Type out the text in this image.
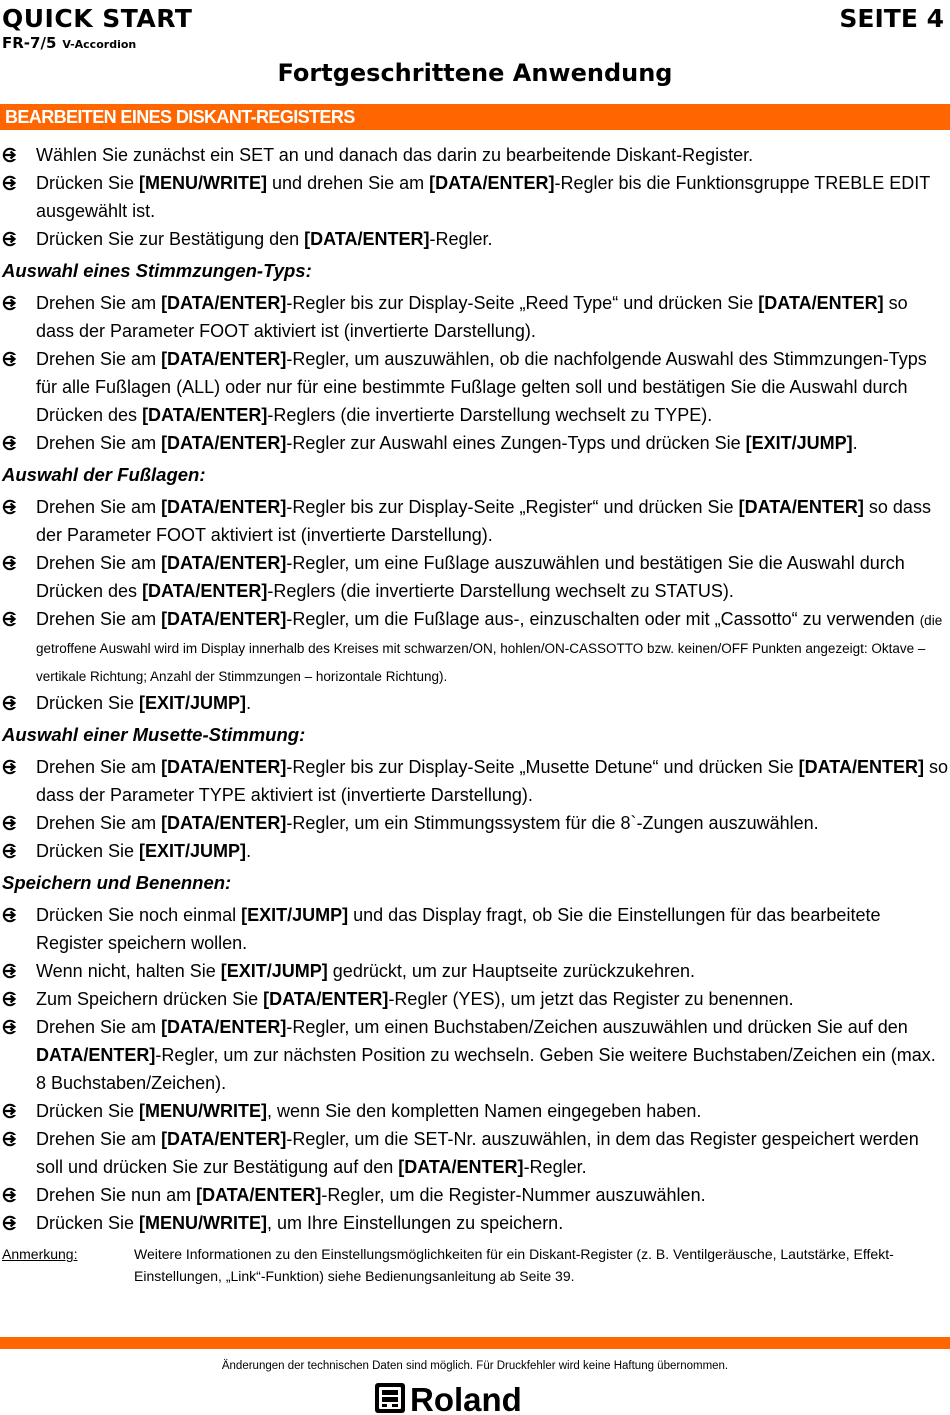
QUICK START
FR-7/5 V-Accordion
SEITE 4
Fortgeschrittene Anwendung
BEARBEITEN EINES DISKANT-REGISTERS
Wählen Sie zunächst ein SET an und danach das darin zu bearbeitende Diskant-Register.
Drücken Sie [MENU/WRITE] und drehen Sie am [DATA/ENTER]-Regler bis die Funktionsgruppe TREBLE EDIT ausgewählt ist.
Drücken Sie zur Bestätigung den [DATA/ENTER]-Regler.
Auswahl eines Stimmzungen-Typs:
Drehen Sie am [DATA/ENTER]-Regler bis zur Display-Seite „Reed Type“ und drücken Sie [DATA/ENTER] so dass der Parameter FOOT aktiviert ist (invertierte Darstellung).
Drehen Sie am [DATA/ENTER]-Regler, um auszuwählen, ob die nachfolgende Auswahl des Stimmzungen-Typs für alle Fußlagen (ALL) oder nur für eine bestimmte Fußlage gelten soll und bestätigen Sie die Auswahl durch Drücken des [DATA/ENTER]-Reglers (die invertierte Darstellung wechselt zu TYPE).
Drehen Sie am [DATA/ENTER]-Regler zur Auswahl eines Zungen-Typs und drücken Sie [EXIT/JUMP].
Auswahl der Fußlagen:
Drehen Sie am [DATA/ENTER]-Regler bis zur Display-Seite „Register“ und drücken Sie [DATA/ENTER] so dass der Parameter FOOT aktiviert ist (invertierte Darstellung).
Drehen Sie am [DATA/ENTER]-Regler, um eine Fußlage auszuwählen und bestätigen Sie die Auswahl durch Drücken des [DATA/ENTER]-Reglers (die invertierte Darstellung wechselt zu STATUS).
Drehen Sie am [DATA/ENTER]-Regler, um die Fußlage aus-, einzuschalten oder mit „Cassotto“ zu verwenden (die getroffene Auswahl wird im Display innerhalb des Kreises mit schwarzen/ON, hohlen/ON-CASSOTTO bzw. keinen/OFF Punkten angezeigt: Oktave – vertikale Richtung; Anzahl der Stimmzungen – horizontale Richtung).
Drücken Sie [EXIT/JUMP].
Auswahl einer Musette-Stimmung:
Drehen Sie am [DATA/ENTER]-Regler bis zur Display-Seite „Musette Detune“ und drücken Sie [DATA/ENTER] so dass der Parameter TYPE aktiviert ist (invertierte Darstellung).
Drehen Sie am [DATA/ENTER]-Regler, um ein Stimmungssystem für die 8`-Zungen auszuwählen.
Drücken Sie [EXIT/JUMP].
Speichern und Benennen:
Drücken Sie noch einmal [EXIT/JUMP] und das Display fragt, ob Sie die Einstellungen für das bearbeitete Register speichern wollen.
Wenn nicht, halten Sie [EXIT/JUMP] gedrückt, um zur Hauptseite zurückzukehren.
Zum Speichern drücken Sie [DATA/ENTER]-Regler (YES), um jetzt das Register zu benennen.
Drehen Sie am [DATA/ENTER]-Regler, um einen Buchstaben/Zeichen auszuwählen und drücken Sie auf den DATA/ENTER]-Regler, um zur nächsten Position zu wechseln. Geben Sie weitere Buchstaben/Zeichen ein (max. 8 Buchstaben/Zeichen).
Drücken Sie [MENU/WRITE], wenn Sie den kompletten Namen eingegeben haben.
Drehen Sie am [DATA/ENTER]-Regler, um die SET-Nr. auszuwählen, in dem das Register gespeichert werden soll und drücken Sie zur Bestätigung auf den [DATA/ENTER]-Regler.
Drehen Sie nun am [DATA/ENTER]-Regler, um die Register-Nummer auszuwählen.
Drücken Sie [MENU/WRITE], um Ihre Einstellungen zu speichern.
Anmerkung:	Weitere Informationen zu den Einstellungsmöglichkeiten für ein Diskant-Register (z. B. Ventilgeräusche, Lautstärke, Effekt-Einstellungen, „Link“-Funktion) siehe Bedienungsanleitung ab Seite 39.
Änderungen der technischen Daten sind möglich. Für Druckfehler wird keine Haftung übernommen.
Roland
